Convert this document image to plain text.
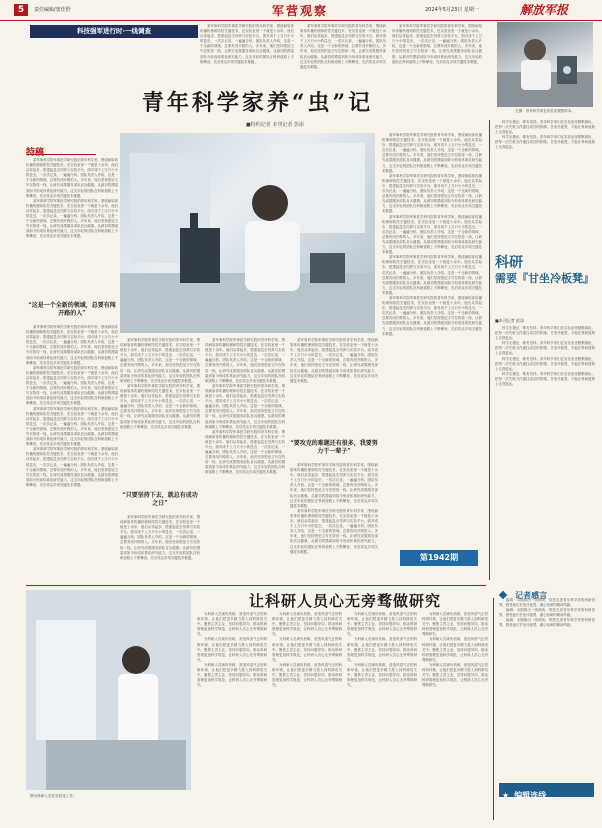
5	责任编辑/窦佳舒	军营观察	2024年5月23日 星期一	解放军报
科技强军进行时·一线调查

某军事科学院军事医学研究院的青年科学家，围绕病原体传播机理和防控关键技术，在实验室里一干就是十余年。他们从零起步，搭建起昆虫饲养与实验平台，面对成千上万只小小的昆虫，一次次记录、一遍遍分析。团队负责人介绍，这是一个全新的领域，总要有闯开路的人。多年来，他们坚持把论文写在防疫一线，让研究成果服务部队官兵健康。从最初的摸索到如今形成体系化研究能力，这支年轻的团队在科研道路上不断攀登，先后攻克多项关键技术难题。

某军事科学院军事医学研究院的青年科学家，围绕病原体传播机理和防控关键技术，在实验室里一干就是十余年。他们从零起步，搭建起昆虫饲养与实验平台，面对成千上万只小小的昆虫，一次次记录、一遍遍分析。团队负责人介绍，这是一个全新的领域，总要有闯开路的人。多年来，他们坚持把论文写在防疫一线，让研究成果服务部队官兵健康。从最初的摸索到如今形成体系化研究能力，这支年轻的团队在科研道路上不断攀登，先后攻克多项关键技术难题。

某军事科学院军事医学研究院的青年科学家，围绕病原体传播机理和防控关键技术，在实验室里一干就是十余年。他们从零起步，搭建起昆虫饲养与实验平台，面对成千上万只小小的昆虫，一次次记录、一遍遍分析。团队负责人介绍，这是一个全新的领域，总要有闯开路的人。多年来，他们坚持把论文写在防疫一线，让研究成果服务部队官兵健康。从最初的摸索到如今形成体系化研究能力，这支年轻的团队在科研道路上不断攀登，先后攻克多项关键技术难题。

左图：青年科学家在实验室观察样本。
青年科学家养“虫”记
■特约记者 本刊记者 彭添
特稿

某军事科学院军事医学研究院的青年科学家，围绕病原体传播机理和防控关键技术，在实验室里一干就是十余年。他们从零起步，搭建起昆虫饲养与实验平台，面对成千上万只小小的昆虫，一次次记录、一遍遍分析。团队负责人介绍，这是一个全新的领域，总要有闯开路的人。多年来，他们坚持把论文写在防疫一线，让研究成果服务部队官兵健康。从最初的摸索到如今形成体系化研究能力，这支年轻的团队在科研道路上不断攀登，先后攻克多项关键技术难题。

某军事科学院军事医学研究院的青年科学家，围绕病原体传播机理和防控关键技术，在实验室里一干就是十余年。他们从零起步，搭建起昆虫饲养与实验平台，面对成千上万只小小的昆虫，一次次记录、一遍遍分析。团队负责人介绍，这是一个全新的领域，总要有闯开路的人。多年来，他们坚持把论文写在防疫一线，让研究成果服务部队官兵健康。从最初的摸索到如今形成体系化研究能力，这支年轻的团队在科研道路上不断攀登，先后攻克多项关键技术难题。

“这是一个全新的领域，总要有闯开路的人”

某军事科学院军事医学研究院的青年科学家，围绕病原体传播机理和防控关键技术，在实验室里一干就是十余年。他们从零起步，搭建起昆虫饲养与实验平台，面对成千上万只小小的昆虫，一次次记录、一遍遍分析。团队负责人介绍，这是一个全新的领域，总要有闯开路的人。多年来，他们坚持把论文写在防疫一线，让研究成果服务部队官兵健康。从最初的摸索到如今形成体系化研究能力，这支年轻的团队在科研道路上不断攀登，先后攻克多项关键技术难题。

某军事科学院军事医学研究院的青年科学家，围绕病原体传播机理和防控关键技术，在实验室里一干就是十余年。他们从零起步，搭建起昆虫饲养与实验平台，面对成千上万只小小的昆虫，一次次记录、一遍遍分析。团队负责人介绍，这是一个全新的领域，总要有闯开路的人。多年来，他们坚持把论文写在防疫一线，让研究成果服务部队官兵健康。从最初的摸索到如今形成体系化研究能力，这支年轻的团队在科研道路上不断攀登，先后攻克多项关键技术难题。

某军事科学院军事医学研究院的青年科学家，围绕病原体传播机理和防控关键技术，在实验室里一干就是十余年。他们从零起步，搭建起昆虫饲养与实验平台，面对成千上万只小小的昆虫，一次次记录、一遍遍分析。团队负责人介绍，这是一个全新的领域，总要有闯开路的人。多年来，他们坚持把论文写在防疫一线，让研究成果服务部队官兵健康。从最初的摸索到如今形成体系化研究能力，这支年轻的团队在科研道路上不断攀登，先后攻克多项关键技术难题。

某军事科学院军事医学研究院的青年科学家，围绕病原体传播机理和防控关键技术，在实验室里一干就是十余年。他们从零起步，搭建起昆虫饲养与实验平台，面对成千上万只小小的昆虫，一次次记录、一遍遍分析。团队负责人介绍，这是一个全新的领域，总要有闯开路的人。多年来，他们坚持把论文写在防疫一线，让研究成果服务部队官兵健康。从最初的摸索到如今形成体系化研究能力，这支年轻的团队在科研道路上不断攀登，先后攻克多项关键技术难题。

某军事科学院军事医学研究院的青年科学家，围绕病原体传播机理和防控关键技术，在实验室里一干就是十余年。他们从零起步，搭建起昆虫饲养与实验平台，面对成千上万只小小的昆虫，一次次记录、一遍遍分析。团队负责人介绍，这是一个全新的领域，总要有闯开路的人。多年来，他们坚持把论文写在防疫一线，让研究成果服务部队官兵健康。从最初的摸索到如今形成体系化研究能力，这支年轻的团队在科研道路上不断攀登，先后攻克多项关键技术难题。

某军事科学院军事医学研究院的青年科学家，围绕病原体传播机理和防控关键技术，在实验室里一干就是十余年。他们从零起步，搭建起昆虫饲养与实验平台，面对成千上万只小小的昆虫，一次次记录、一遍遍分析。团队负责人介绍，这是一个全新的领域，总要有闯开路的人。多年来，他们坚持把论文写在防疫一线，让研究成果服务部队官兵健康。从最初的摸索到如今形成体系化研究能力，这支年轻的团队在科研道路上不断攀登，先后攻克多项关键技术难题。

“只要坚持下去，就总有成功之日”

某军事科学院军事医学研究院的青年科学家，围绕病原体传播机理和防控关键技术，在实验室里一干就是十余年。他们从零起步，搭建起昆虫饲养与实验平台，面对成千上万只小小的昆虫，一次次记录、一遍遍分析。团队负责人介绍，这是一个全新的领域，总要有闯开路的人。多年来，他们坚持把论文写在防疫一线，让研究成果服务部队官兵健康。从最初的摸索到如今形成体系化研究能力，这支年轻的团队在科研道路上不断攀登，先后攻克多项关键技术难题。

某军事科学院军事医学研究院的青年科学家，围绕病原体传播机理和防控关键技术，在实验室里一干就是十余年。他们从零起步，搭建起昆虫饲养与实验平台，面对成千上万只小小的昆虫，一次次记录、一遍遍分析。团队负责人介绍，这是一个全新的领域，总要有闯开路的人。多年来，他们坚持把论文写在防疫一线，让研究成果服务部队官兵健康。从最初的摸索到如今形成体系化研究能力，这支年轻的团队在科研道路上不断攀登，先后攻克多项关键技术难题。

某军事科学院军事医学研究院的青年科学家，围绕病原体传播机理和防控关键技术，在实验室里一干就是十余年。他们从零起步，搭建起昆虫饲养与实验平台，面对成千上万只小小的昆虫，一次次记录、一遍遍分析。团队负责人介绍，这是一个全新的领域，总要有闯开路的人。多年来，他们坚持把论文写在防疫一线，让研究成果服务部队官兵健康。从最初的摸索到如今形成体系化研究能力，这支年轻的团队在科研道路上不断攀登，先后攻克多项关键技术难题。

某军事科学院军事医学研究院的青年科学家，围绕病原体传播机理和防控关键技术，在实验室里一干就是十余年。他们从零起步，搭建起昆虫饲养与实验平台，面对成千上万只小小的昆虫，一次次记录、一遍遍分析。团队负责人介绍，这是一个全新的领域，总要有闯开路的人。多年来，他们坚持把论文写在防疫一线，让研究成果服务部队官兵健康。从最初的摸索到如今形成体系化研究能力，这支年轻的团队在科研道路上不断攀登，先后攻克多项关键技术难题。

某军事科学院军事医学研究院的青年科学家，围绕病原体传播机理和防控关键技术，在实验室里一干就是十余年。他们从零起步，搭建起昆虫饲养与实验平台，面对成千上万只小小的昆虫，一次次记录、一遍遍分析。团队负责人介绍，这是一个全新的领域，总要有闯开路的人。多年来，他们坚持把论文写在防疫一线，让研究成果服务部队官兵健康。从最初的摸索到如今形成体系化研究能力，这支年轻的团队在科研道路上不断攀登，先后攻克多项关键技术难题。

“要攻克的难题还有很多，我要努力干一辈子”

某军事科学院军事医学研究院的青年科学家，围绕病原体传播机理和防控关键技术，在实验室里一干就是十余年。他们从零起步，搭建起昆虫饲养与实验平台，面对成千上万只小小的昆虫，一次次记录、一遍遍分析。团队负责人介绍，这是一个全新的领域，总要有闯开路的人。多年来，他们坚持把论文写在防疫一线，让研究成果服务部队官兵健康。从最初的摸索到如今形成体系化研究能力，这支年轻的团队在科研道路上不断攀登，先后攻克多项关键技术难题。

某军事科学院军事医学研究院的青年科学家，围绕病原体传播机理和防控关键技术，在实验室里一干就是十余年。他们从零起步，搭建起昆虫饲养与实验平台，面对成千上万只小小的昆虫，一次次记录、一遍遍分析。团队负责人介绍，这是一个全新的领域，总要有闯开路的人。多年来，他们坚持把论文写在防疫一线，让研究成果服务部队官兵健康。从最初的摸索到如今形成体系化研究能力，这支年轻的团队在科研道路上不断攀登，先后攻克多项关键技术难题。

某军事科学院军事医学研究院的青年科学家，围绕病原体传播机理和防控关键技术，在实验室里一干就是十余年。他们从零起步，搭建起昆虫饲养与实验平台，面对成千上万只小小的昆虫，一次次记录、一遍遍分析。团队负责人介绍，这是一个全新的领域，总要有闯开路的人。多年来，他们坚持把论文写在防疫一线，让研究成果服务部队官兵健康。从最初的摸索到如今形成体系化研究能力，这支年轻的团队在科研道路上不断攀登，先后攻克多项关键技术难题。

某军事科学院军事医学研究院的青年科学家，围绕病原体传播机理和防控关键技术，在实验室里一干就是十余年。他们从零起步，搭建起昆虫饲养与实验平台，面对成千上万只小小的昆虫，一次次记录、一遍遍分析。团队负责人介绍，这是一个全新的领域，总要有闯开路的人。多年来，他们坚持把论文写在防疫一线，让研究成果服务部队官兵健康。从最初的摸索到如今形成体系化研究能力，这支年轻的团队在科研道路上不断攀登，先后攻克多项关键技术难题。

某军事科学院军事医学研究院的青年科学家，围绕病原体传播机理和防控关键技术，在实验室里一干就是十余年。他们从零起步，搭建起昆虫饲养与实验平台，面对成千上万只小小的昆虫，一次次记录、一遍遍分析。团队负责人介绍，这是一个全新的领域，总要有闯开路的人。多年来，他们坚持把论文写在防疫一线，让研究成果服务部队官兵健康。从最初的摸索到如今形成体系化研究能力，这支年轻的团队在科研道路上不断攀登，先后攻克多项关键技术难题。

某军事科学院军事医学研究院的青年科学家，围绕病原体传播机理和防控关键技术，在实验室里一干就是十余年。他们从零起步，搭建起昆虫饲养与实验平台，面对成千上万只小小的昆虫，一次次记录、一遍遍分析。团队负责人介绍，这是一个全新的领域，总要有闯开路的人。多年来，他们坚持把论文写在防疫一线，让研究成果服务部队官兵健康。从最初的摸索到如今形成体系化研究能力，这支年轻的团队在科研道路上不断攀登，先后攻克多项关键技术难题。

某军事科学院军事医学研究院的青年科学家，围绕病原体传播机理和防控关键技术，在实验室里一干就是十余年。他们从零起步，搭建起昆虫饲养与实验平台，面对成千上万只小小的昆虫，一次次记录、一遍遍分析。团队负责人介绍，这是一个全新的领域，总要有闯开路的人。多年来，他们坚持把论文写在防疫一线，让研究成果服务部队官兵健康。从最初的摸索到如今形成体系化研究能力，这支年轻的团队在科研道路上不断攀登，先后攻克多项关键技术难题。

第1942期

科学无捷径，唯有坚持。青年科学家们在实验室里默默耕耘，把每一次失败当作通往成功的阶梯。甘坐冷板凳，才能在科研道路上走得更远。

科学无捷径，唯有坚持。青年科学家们在实验室里默默耕耘，把每一次失败当作通往成功的阶梯。甘坐冷板凳，才能在科研道路上走得更远。

科研
需要『甘坐冷板凳』
■本刊记者 彭添

科学无捷径，唯有坚持。青年科学家们在实验室里默默耕耘，把每一次失败当作通往成功的阶梯。甘坐冷板凳，才能在科研道路上走得更远。

科学无捷径，唯有坚持。青年科学家们在实验室里默默耕耘，把每一次失败当作通往成功的阶梯。甘坐冷板凳，才能在科研道路上走得更远。

科学无捷径，唯有坚持。青年科学家们在实验室里默默耕耘，把每一次失败当作通往成功的阶梯。甘坐冷板凳，才能在科研道路上走得更远。

科学无捷径，唯有坚持。青年科学家们在实验室里默默耕耘，把每一次失败当作通往成功的阶梯。甘坐冷板凳，才能在科研道路上走得更远。

记者感言
让科研人员心无旁骛做研究
图为科研人员在实验室工作。

为科研人员减负松绑，营造风清气正的科研环境，让他们把更多精力投入到科研攻关中。聚焦主责主业，坚持问题导向，推动科研管理更加科学规范，让科研人员心无旁骛做研究。

为科研人员减负松绑，营造风清气正的科研环境，让他们把更多精力投入到科研攻关中。聚焦主责主业，坚持问题导向，推动科研管理更加科学规范，让科研人员心无旁骛做研究。

为科研人员减负松绑，营造风清气正的科研环境，让他们把更多精力投入到科研攻关中。聚焦主责主业，坚持问题导向，推动科研管理更加科学规范，让科研人员心无旁骛做研究。

为科研人员减负松绑，营造风清气正的科研环境，让他们把更多精力投入到科研攻关中。聚焦主责主业，坚持问题导向，推动科研管理更加科学规范，让科研人员心无旁骛做研究。

为科研人员减负松绑，营造风清气正的科研环境，让他们把更多精力投入到科研攻关中。聚焦主责主业，坚持问题导向，推动科研管理更加科学规范，让科研人员心无旁骛做研究。

为科研人员减负松绑，营造风清气正的科研环境，让他们把更多精力投入到科研攻关中。聚焦主责主业，坚持问题导向，推动科研管理更加科学规范，让科研人员心无旁骛做研究。

为科研人员减负松绑，营造风清气正的科研环境，让他们把更多精力投入到科研攻关中。聚焦主责主业，坚持问题导向，推动科研管理更加科学规范，让科研人员心无旁骛做研究。

为科研人员减负松绑，营造风清气正的科研环境，让他们把更多精力投入到科研攻关中。聚焦主责主业，坚持问题导向，推动科研管理更加科学规范，让科研人员心无旁骛做研究。

为科研人员减负松绑，营造风清气正的科研环境，让他们把更多精力投入到科研攻关中。聚焦主责主业，坚持问题导向，推动科研管理更加科学规范，让科研人员心无旁骛做研究。

为科研人员减负松绑，营造风清气正的科研环境，让他们把更多精力投入到科研攻关中。聚焦主责主业，坚持问题导向，推动科研管理更加科学规范，让科研人员心无旁骛做研究。

为科研人员减负松绑，营造风清气正的科研环境，让他们把更多精力投入到科研攻关中。聚焦主责主业，坚持问题导向，推动科研管理更加科学规范，让科研人员心无旁骛做研究。

为科研人员减负松绑，营造风清气正的科研环境，让他们把更多精力投入到科研攻关中。聚焦主责主业，坚持问题导向，推动科研管理更加科学规范，让科研人员心无旁骛做研究。

编辑：本期推出一线调查，带您走进青年科学家的科研世界，感受他们甘坐冷板凳、潜心钻研的精神风貌。

编辑：本期推出一线调查，带您走进青年科学家的科研世界，感受他们甘坐冷板凳、潜心钻研的精神风貌。

编辑：本期推出一线调查，带您走进青年科学家的科研世界，感受他们甘坐冷板凳、潜心钻研的精神风貌。

★ 编辑连线
